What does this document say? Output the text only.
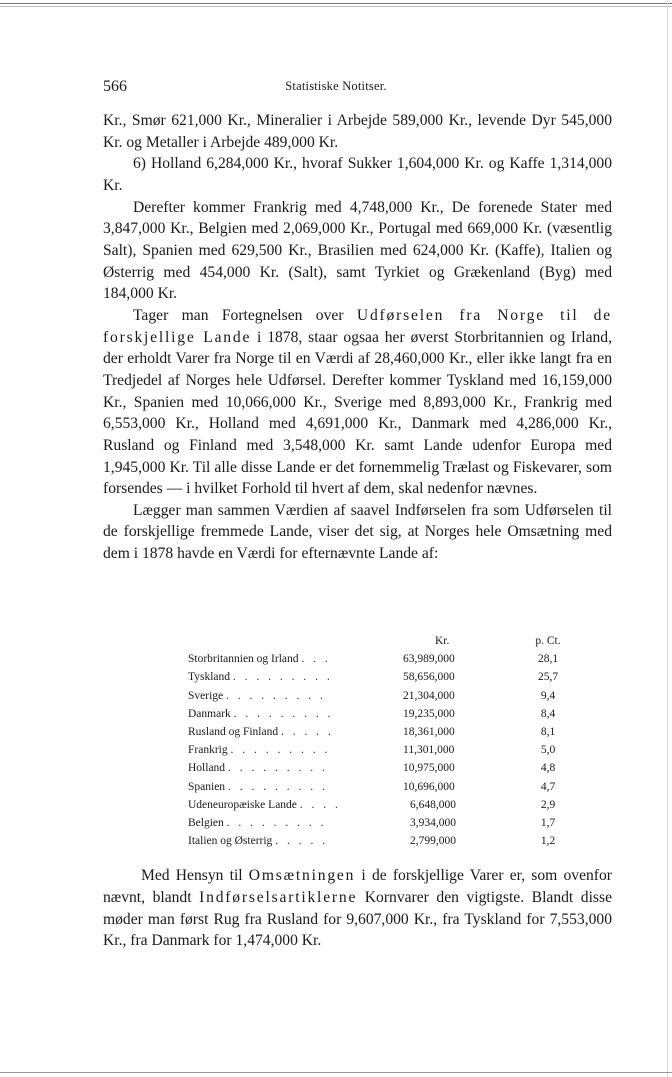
566	Statistiske Notitser.

Kr., Smør 621,000 Kr., Mineralier i Arbejde 589,000 Kr., levende Dyr 545,000 Kr. og Metaller i Arbejde 489,000 Kr.

6) Holland 6,284,000 Kr., hvoraf Sukker 1,604,000 Kr. og Kaffe 1,314,000 Kr.

Derefter kommer Frankrig med 4,748,000 Kr., De forenede Stater med 3,847,000 Kr., Belgien med 2,069,000 Kr., Portugal med 669,000 Kr. (væsentlig Salt), Spanien med 629,500 Kr., Brasilien med 624,000 Kr. (Kaffe), Italien og Østerrig med 454,000 Kr. (Salt), samt Tyrkiet og Grækenland (Byg) med 184,000 Kr.

Tager man Fortegnelsen over Udførselen fra Norge til de forskjellige Lande i 1878, staar ogsaa her øverst Storbritannien og Irland, der erholdt Varer fra Norge til en Værdi af 28,460,000 Kr., eller ikke langt fra en Tredjedel af Norges hele Udførsel. Derefter kommer Tyskland med 16,159,000 Kr., Spanien med 10,066,000 Kr., Sverige med 8,893,000 Kr., Frankrig med 6,553,000 Kr., Holland med 4,691,000 Kr., Danmark med 4,286,000 Kr., Rusland og Finland med 3,548,000 Kr. samt Lande udenfor Europa med 1,945,000 Kr. Til alle disse Lande er det fornemmelig Trælast og Fiskevarer, som forsendes — i hvilket Forhold til hvert af dem, skal nedenfor nævnes.

Lægger man sammen Værdien af saavel Indførselen fra som Udførselen til de forskjellige fremmede Lande, viser det sig, at Norges hele Omsætning med dem i 1878 havde en Værdi for efternævnte Lande af:

	Kr.	p. Ct.
Storbritannien og Irland . . .	63,989,000	28,1
Tyskland . . . . . . . . .	58,656,000	25,7
Sverige . . . . . . . . .	21,304,000	9,4
Danmark . . . . . . . . .	19,235,000	8,4
Rusland og Finland . . . . .	18,361,000	8,1
Frankrig . . . . . . . . .	11,301,000	5,0
Holland . . . . . . . . .	10,975,000	4,8
Spanien . . . . . . . . .	10,696,000	4,7
Udeneuropæiske Lande . . . .	6,648,000	2,9
Belgien . . . . . . . . .	3,934,000	1,7
Italien og Østerrig . . . . .	2,799,000	1,2

Med Hensyn til Omsætningen i de forskjellige Varer er, som ovenfor nævnt, blandt Indførselsartiklerne Kornvarer den vigtigste. Blandt disse møder man først Rug fra Rusland for 9,607,000 Kr., fra Tyskland for 7,553,000 Kr., fra Danmark for 1,474,000 Kr.
